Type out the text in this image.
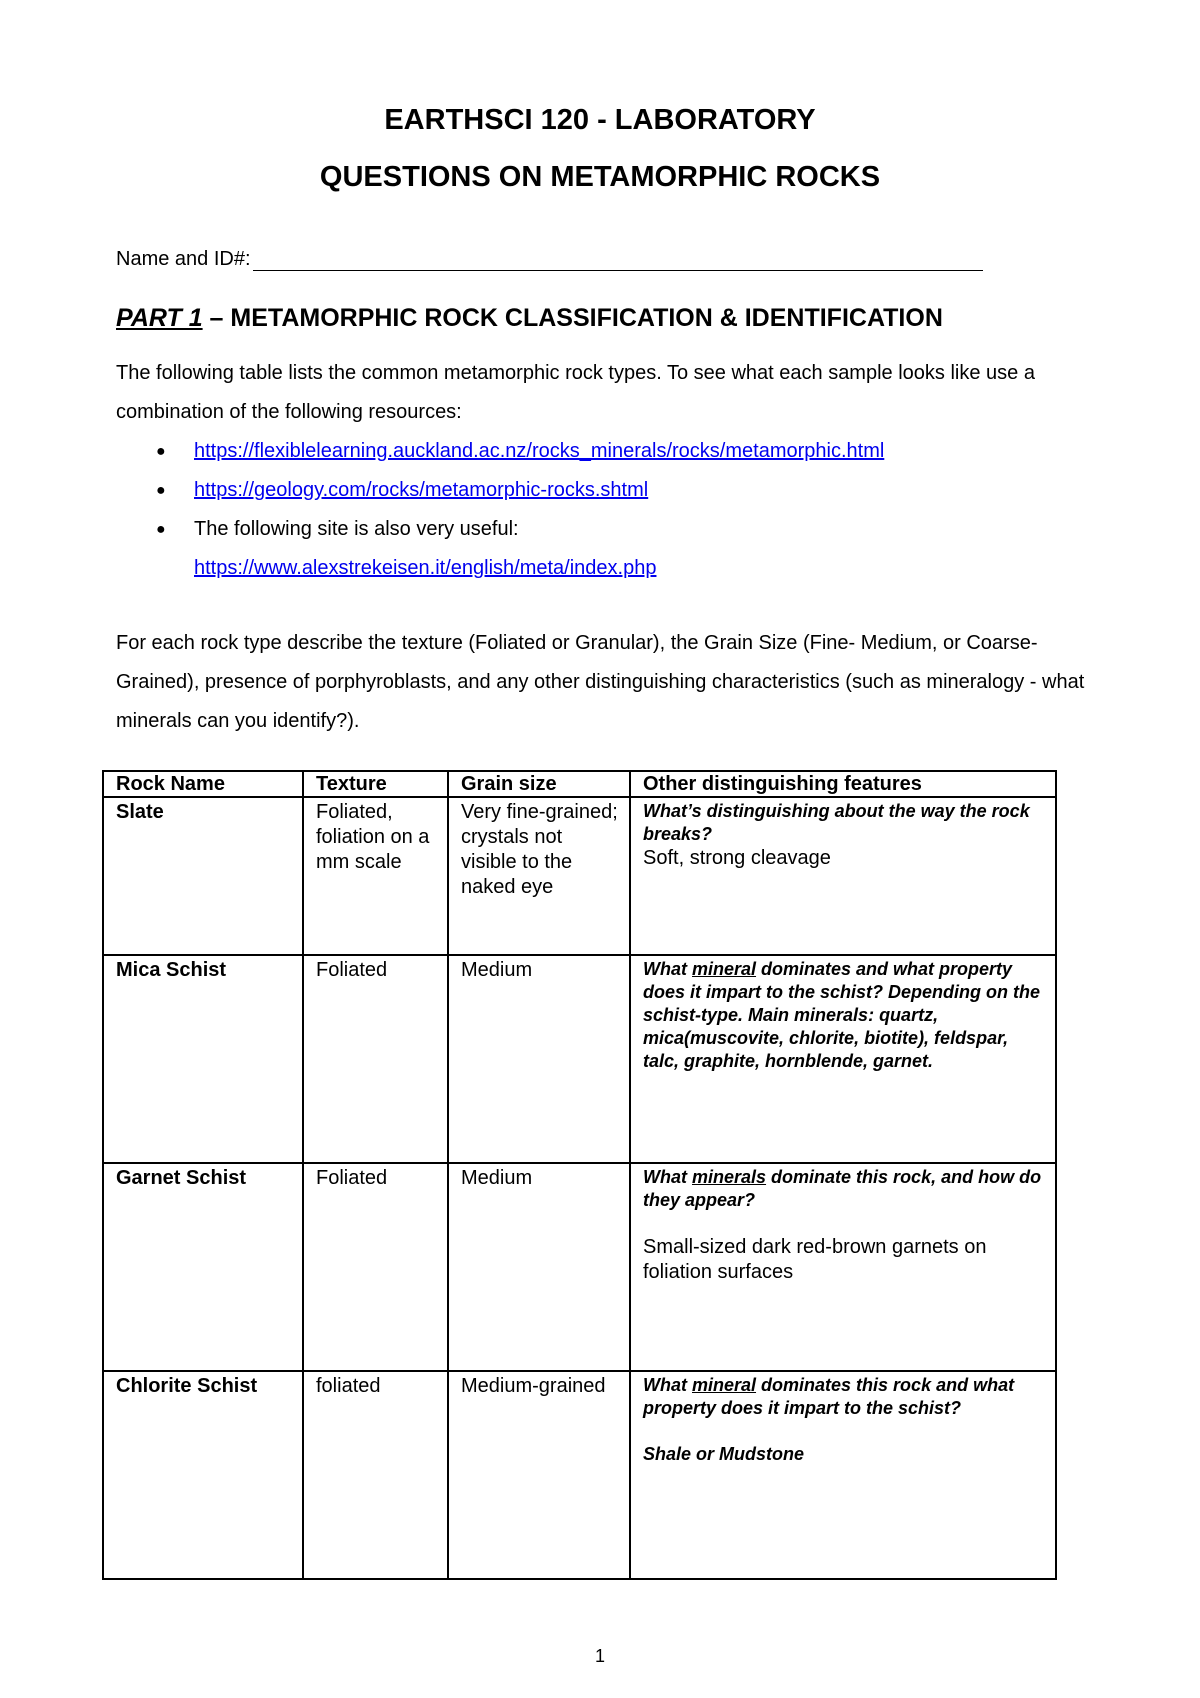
EARTHSCI 120 - LABORATORY
QUESTIONS ON METAMORPHIC ROCKS
Name and ID#:
PART 1 – METAMORPHIC ROCK CLASSIFICATION & IDENTIFICATION
The following table lists the common metamorphic rock types. To see what each sample looks like use a combination of the following resources:
● https://flexiblelearning.auckland.ac.nz/rocks_minerals/rocks/metamorphic.html
● https://geology.com/rocks/metamorphic-rocks.shtml
● The following site is also very useful:
https://www.alexstrekeisen.it/english/meta/index.php
For each rock type describe the texture (Foliated or Granular), the Grain Size (Fine- Medium, or Coarse-Grained), presence of porphyroblasts, and any other distinguishing characteristics (such as mineralogy - what minerals can you identify?).
Rock Name	Texture	Grain size	Other distinguishing features
Slate	Foliated, foliation on a mm scale	Very fine-grained; crystals not visible to the naked eye	What’s distinguishing about the way the rock breaks?
Soft, strong cleavage

Mica Schist	Foliated	Medium	What mineral dominates and what property does it impart to the schist? Depending on the schist-type. Main minerals: quartz, mica(muscovite, chlorite, biotite), feldspar, talc, graphite, hornblende, garnet.

Garnet Schist	Foliated	Medium	What minerals dominate this rock, and how do they appear?
Small-sized dark red-brown garnets on foliation surfaces

Chlorite Schist	foliated	Medium-grained	What mineral dominates this rock and what property does it impart to the schist?
Shale or Mudstone
1
